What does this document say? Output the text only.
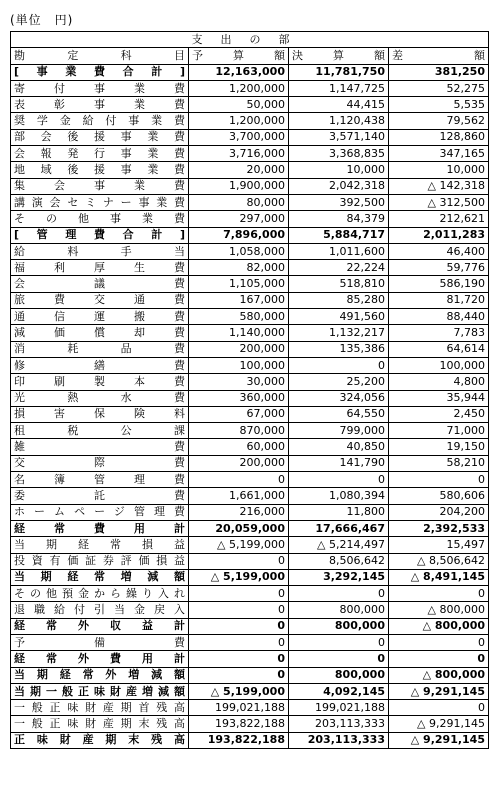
(単位　円)
支出の部			
勘定科目	予算額	決算額	差額
[事業費合計]	12,163,000	11,781,750	381,250
寄付事業費	1,200,000	1,147,725	52,275
表彰事業費	50,000	44,415	5,535
奨学金給付事業費	1,200,000	1,120,438	79,562
部会後援事業費	3,700,000	3,571,140	128,860
会報発行事業費	3,716,000	3,368,835	347,165
地域後援事業費	20,000	10,000	10,000
集会事業費	1,900,000	2,042,318	△ 142,318
講演会セミナー事業費	80,000	392,500	△ 312,500
その他事業費	297,000	84,379	212,621
[管理費合計]	7,896,000	5,884,717	2,011,283
給料手当	1,058,000	1,011,600	46,400
福利厚生費	82,000	22,224	59,776
会議費	1,105,000	518,810	586,190
旅費交通費	167,000	85,280	81,720
通信運搬費	580,000	491,560	88,440
減価償却費	1,140,000	1,132,217	7,783
消耗品費	200,000	135,386	64,614
修繕費	100,000	0	100,000
印刷製本費	30,000	25,200	4,800
光熱水費	360,000	324,056	35,944
損害保険料	67,000	64,550	2,450
租税公課	870,000	799,000	71,000
雑費	60,000	40,850	19,150
交際費	200,000	141,790	58,210
名簿管理費	0	0	0
委託費	1,661,000	1,080,394	580,606
ホームページ管理費	216,000	11,800	204,200
経常費用計	20,059,000	17,666,467	2,392,533
当期経常損益	△ 5,199,000	△ 5,214,497	15,497
投資有価証券評価損益	0	8,506,642	△ 8,506,642
当期経常増減額	△ 5,199,000	3,292,145	△ 8,491,145
その他預金から繰り入れ	0	0	0
退職給付引当金戻入	0	800,000	△ 800,000
経常外収益計	0	800,000	△ 800,000
予備費	0	0	0
経常外費用計	0	0	0
当期経常外増減額	0	800,000	△ 800,000
当期一般正味財産増減額	△ 5,199,000	4,092,145	△ 9,291,145
一般正味財産期首残高	199,021,188	199,021,188	0
一般正味財産期末残高	193,822,188	203,113,333	△ 9,291,145
正味財産期末残高	193,822,188	203,113,333	△ 9,291,145
